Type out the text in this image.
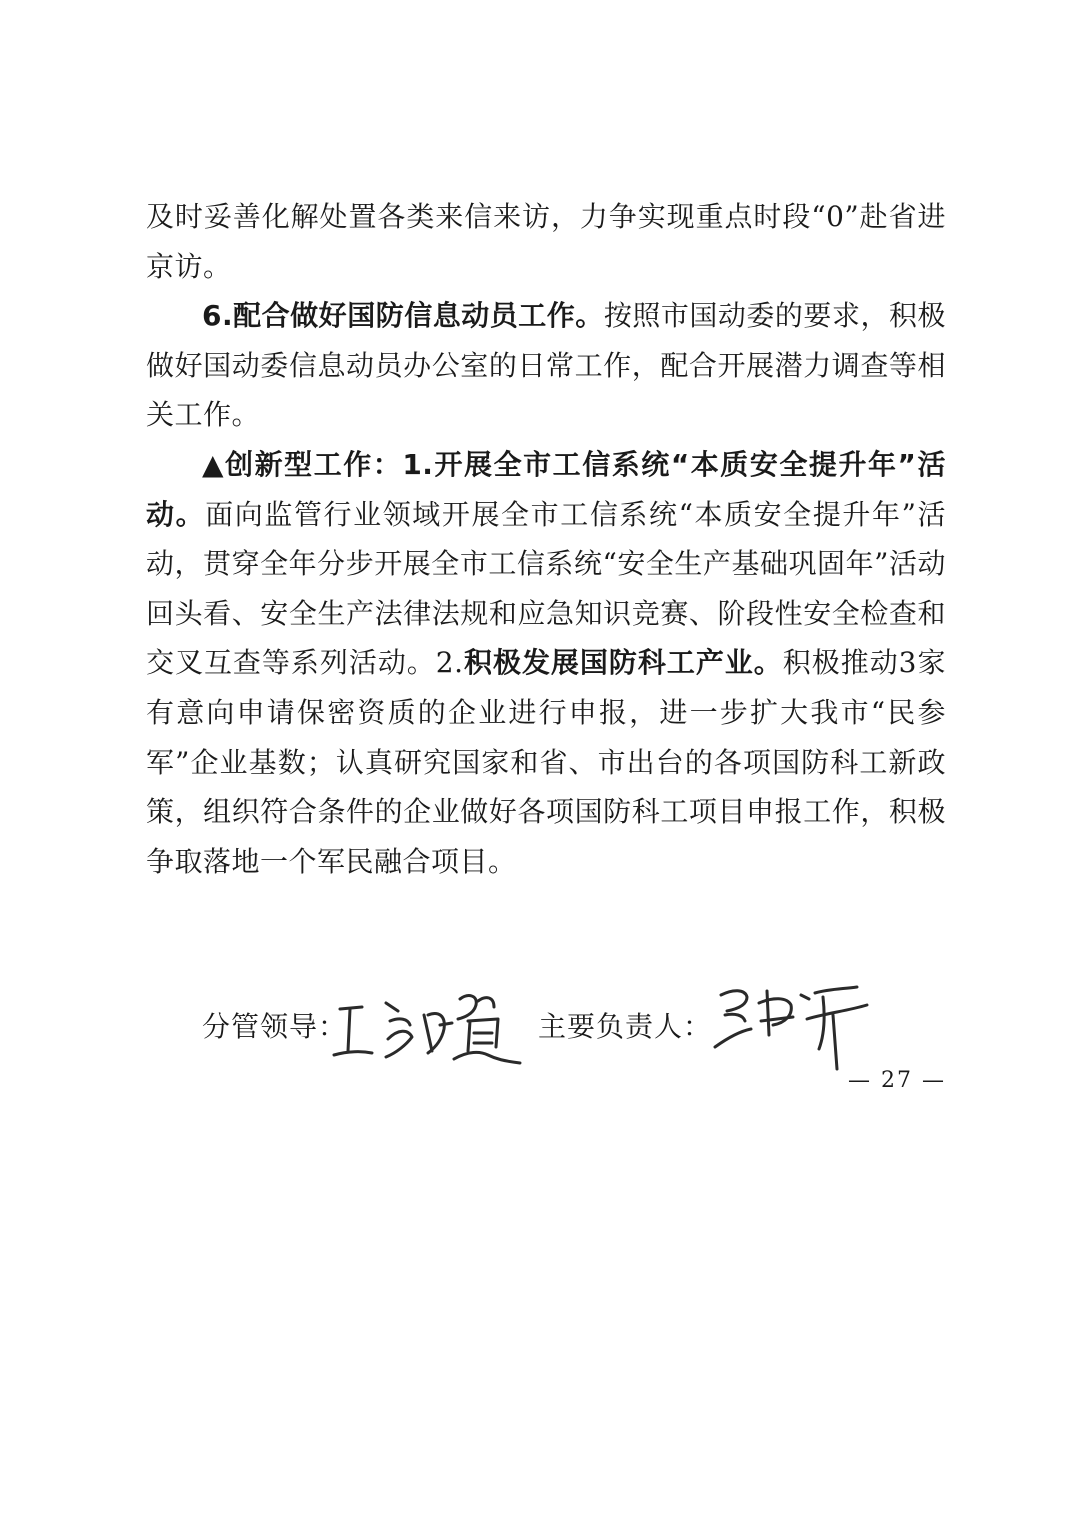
及时妥善化解处置各类来信来访，力争实现重点时段“0”赴省进京访。

6.配合做好国防信息动员工作。按照市国动委的要求，积极做好国动委信息动员办公室的日常工作，配合开展潜力调查等相关工作。

▲创新型工作：1.开展全市工信系统“本质安全提升年”活动。面向监管行业领域开展全市工信系统“本质安全提升年”活动，贯穿全年分步开展全市工信系统“安全生产基础巩固年”活动回头看、安全生产法律法规和应急知识竞赛、阶段性安全检查和交叉互查等系列活动。2.积极发展国防科工产业。积极推动3家有意向申请保密资质的企业进行申报，进一步扩大我市“民参军”企业基数；认真研究国家和省、市出台的各项国防科工新政策，组织符合条件的企业做好各项国防科工项目申报工作，积极争取落地一个军民融合项目。

分管领导：	主要负责人：
— 27 —
